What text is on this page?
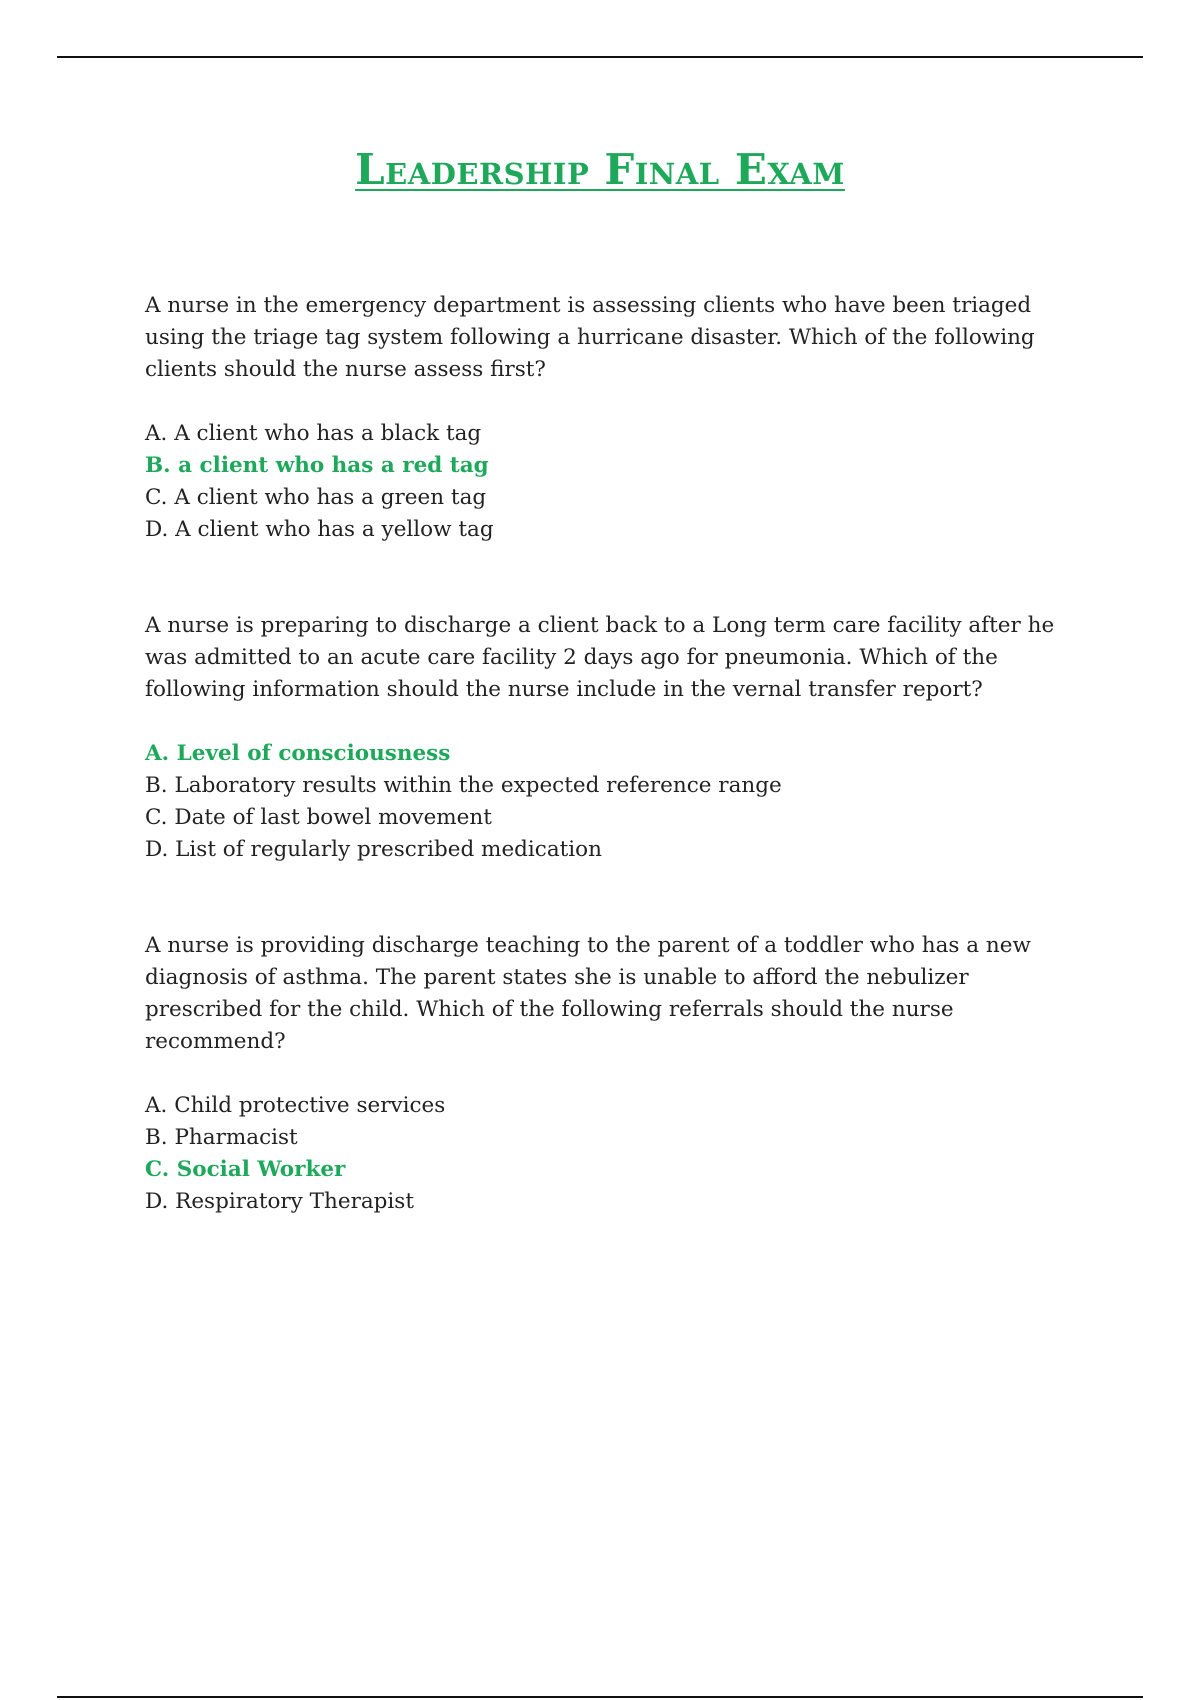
Leadership Final Exam

A nurse in the emergency department is assessing clients who have been triaged using the triage tag system following a hurricane disaster. Which of the following clients should the nurse assess first?

A. A client who has a black tag
B. a client who has a red tag
C. A client who has a green tag
D. A client who has a yellow tag

A nurse is preparing to discharge a client back to a Long term care facility after he was admitted to an acute care facility 2 days ago for pneumonia. Which of the following information should the nurse include in the vernal transfer report?

A. Level of consciousness
B. Laboratory results within the expected reference range
C. Date of last bowel movement
D. List of regularly prescribed medication

A nurse is providing discharge teaching to the parent of a toddler who has a new diagnosis of asthma. The parent states she is unable to afford the nebulizer prescribed for the child. Which of the following referrals should the nurse recommend?

A. Child protective services
B. Pharmacist
C. Social Worker
D. Respiratory Therapist
